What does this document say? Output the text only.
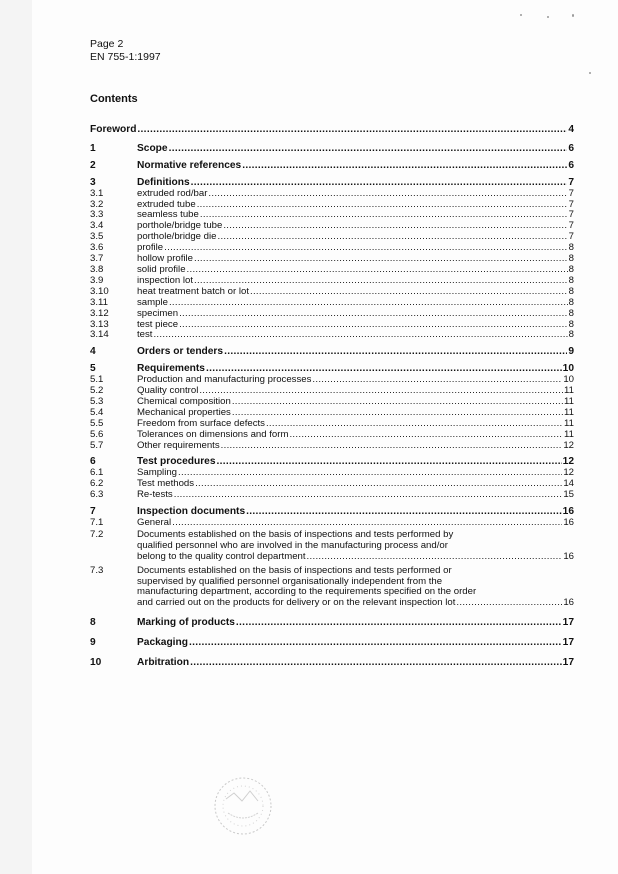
Page 2
EN 755-1:1997
Contents
Foreword .....	4
1	Scope .....	6
2	Normative references .....	6
3	Definitions .....	7
3.1	extruded rod/bar .....	7
3.2	extruded tube .....	7
3.3	seamless tube .....	7
3.4	porthole/bridge tube .....	7
3.5	porthole/bridge die .....	7
3.6	profile .....	8
3.7	hollow profile .....	8
3.8	solid profile .....	8
3.9	inspection lot .....	8
3.10	heat treatment batch or lot .....	8
3.11	sample .....	8
3.12	specimen .....	8
3.13	test piece .....	8
3.14	test .....	8
4	Orders or tenders .....	9
5	Requirements .....	10
5.1	Production and manufacturing processes .....	10
5.2	Quality control .....	11
5.3	Chemical composition .....	11
5.4	Mechanical properties .....	11
5.5	Freedom from surface defects .....	11
5.6	Tolerances on dimensions and form .....	11
5.7	Other requirements .....	12
6	Test procedures .....	12
6.1	Sampling .....	12
6.2	Test methods .....	14
6.3	Re-tests .....	15
7	Inspection documents .....	16
7.1	General .....	16
7.2	Documents established on the basis of inspections and tests performed by
qualified personnel who are involved in the manufacturing process and/or
belong to the quality control department .....	16
7.3	Documents established on the basis of inspections and tests performed or
supervised by qualified personnel organisationally independent from the
manufacturing department, according to the requirements specified on the order
and carried out on the products for delivery or on the relevant inspection lot .....	16
8	Marking of products .....	17
9	Packaging .....	17
10	Arbitration .....	17
